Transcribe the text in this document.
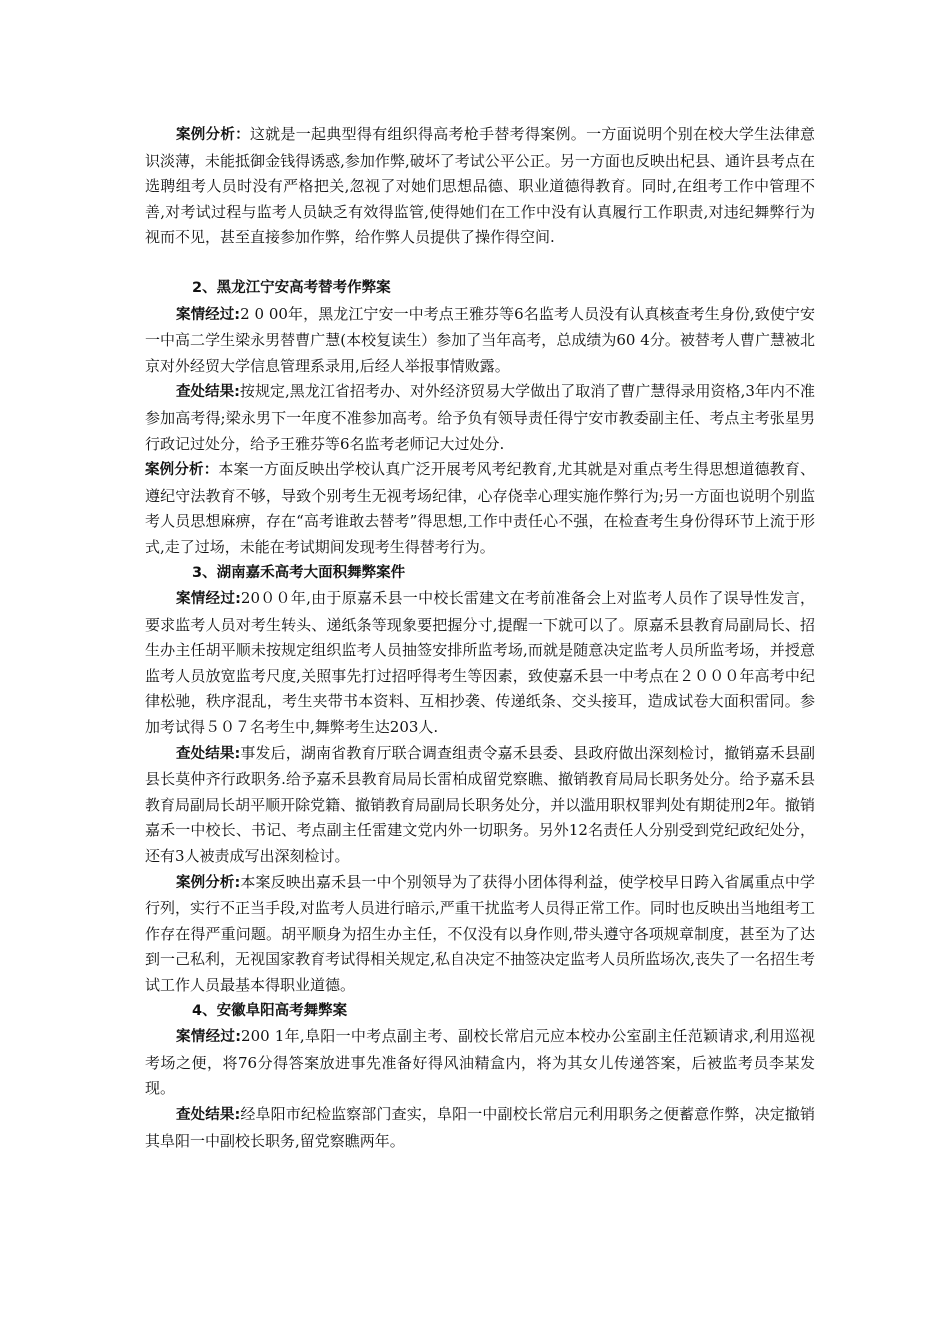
案例分析：这就是一起典型得有组织得高考枪手替考得案例。一方面说明个别在校大学生法律意识淡薄，未能抵御金钱得诱惑,参加作弊,破坏了考试公平公正。另一方面也反映出杞县、通许县考点在选聘组考人员时没有严格把关,忽视了对她们思想品德、职业道德得教育。同时,在组考工作中管理不善,对考试过程与监考人员缺乏有效得监管,使得她们在工作中没有认真履行工作职责,对违纪舞弊行为视而不见，甚至直接参加作弊，给作弊人员提供了操作得空间.

2、黑龙江宁安高考替考作弊案

案情经过:2 0 00年，黑龙江宁安一中考点王雅芬等6名监考人员没有认真核查考生身份,致使宁安一中高二学生梁永男替曹广慧(本校复读生）参加了当年高考，总成绩为60 4分。被替考人曹广慧被北京对外经贸大学信息管理系录用,后经人举报事情败露。

查处结果:按规定,黑龙江省招考办、对外经济贸易大学做出了取消了曹广慧得录用资格,3年内不准参加高考得;梁永男下一年度不准参加高考。给予负有领导责任得宁安市教委副主任、考点主考张星男行政记过处分，给予王雅芬等6名监考老师记大过处分.

案例分析：本案一方面反映出学校认真广泛开展考风考纪教育,尤其就是对重点考生得思想道德教育、遵纪守法教育不够，导致个别考生无视考场纪律，心存侥幸心理实施作弊行为;另一方面也说明个别监考人员思想麻痹，存在“高考谁敢去替考”得思想,工作中责任心不强，在检查考生身份得环节上流于形式,走了过场，未能在考试期间发现考生得替考行为。

3、湖南嘉禾高考大面积舞弊案件

案情经过:20００年,由于原嘉禾县一中校长雷建文在考前准备会上对监考人员作了误导性发言，要求监考人员对考生转头、递纸条等现象要把握分寸,提醒一下就可以了。原嘉禾县教育局副局长、招生办主任胡平顺未按规定组织监考人员抽签安排所监考场,而就是随意决定监考人员所监考场，并授意监考人员放宽监考尺度,关照事先打过招呼得考生等因素，致使嘉禾县一中考点在２０００年高考中纪律松驰，秩序混乱，考生夹带书本资料、互相抄袭、传递纸条、交头接耳，造成试卷大面积雷同。参加考试得５０７名考生中,舞弊考生达203人.

查处结果:事发后，湖南省教育厅联合调查组责令嘉禾县委、县政府做出深刻检讨，撤销嘉禾县副县长莫仲齐行政职务.给予嘉禾县教育局局长雷柏成留党察瞧、撤销教育局局长职务处分。给予嘉禾县教育局副局长胡平顺开除党籍、撤销教育局副局长职务处分，并以滥用职权罪判处有期徒刑2年。撤销嘉禾一中校长、书记、考点副主任雷建文党内外一切职务。另外12名责任人分别受到党纪政纪处分，还有3人被责成写出深刻检讨。

案例分析:本案反映出嘉禾县一中个别领导为了获得小团体得利益，使学校早日跨入省属重点中学行列，实行不正当手段,对监考人员进行暗示,严重干扰监考人员得正常工作。同时也反映出当地组考工作存在得严重问题。胡平顺身为招生办主任，不仅没有以身作则,带头遵守各项规章制度，甚至为了达到一己私利，无视国家教育考试得相关规定,私自决定不抽签决定监考人员所监场次,丧失了一名招生考试工作人员最基本得职业道德。

4、安徽阜阳高考舞弊案

案情经过:200 1年,阜阳一中考点副主考、副校长常启元应本校办公室副主任范颖请求,利用巡视考场之便，将76分得答案放进事先准备好得风油精盒内，将为其女儿传递答案，后被监考员李某发现。

查处结果:经阜阳市纪检监察部门查实，阜阳一中副校长常启元利用职务之便蓄意作弊，决定撤销其阜阳一中副校长职务,留党察瞧两年。
